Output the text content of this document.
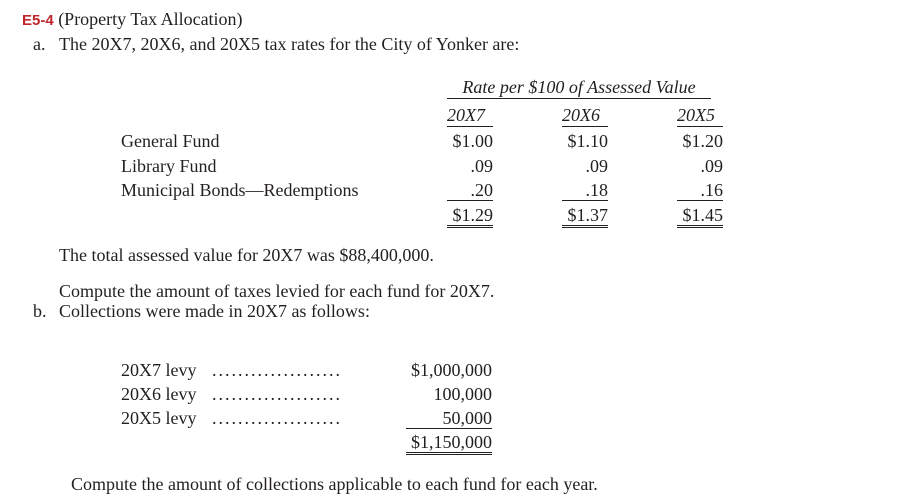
E5-4 (Property Tax Allocation)
a. The 20X7, 20X6, and 20X5 tax rates for the City of Yonker are:
Rate per $100 of Assessed Value
20X7	20X6	20X5
General Fund
Library Fund
Municipal Bonds—Redemptions
$1.00
.09
.20
$1.29
$1.10
.09
.18
$1.37
$1.20
.09
.16
$1.45
The total assessed value for 20X7 was $88,400,000.
Compute the amount of taxes levied for each fund for 20X7.
b. Collections were made in 20X7 as follows:
20X7 levy
20X6 levy
20X5 levy
....................
....................
....................
$1,000,000
100,000
50,000
$1,150,000
Compute the amount of collections applicable to each fund for each year.
